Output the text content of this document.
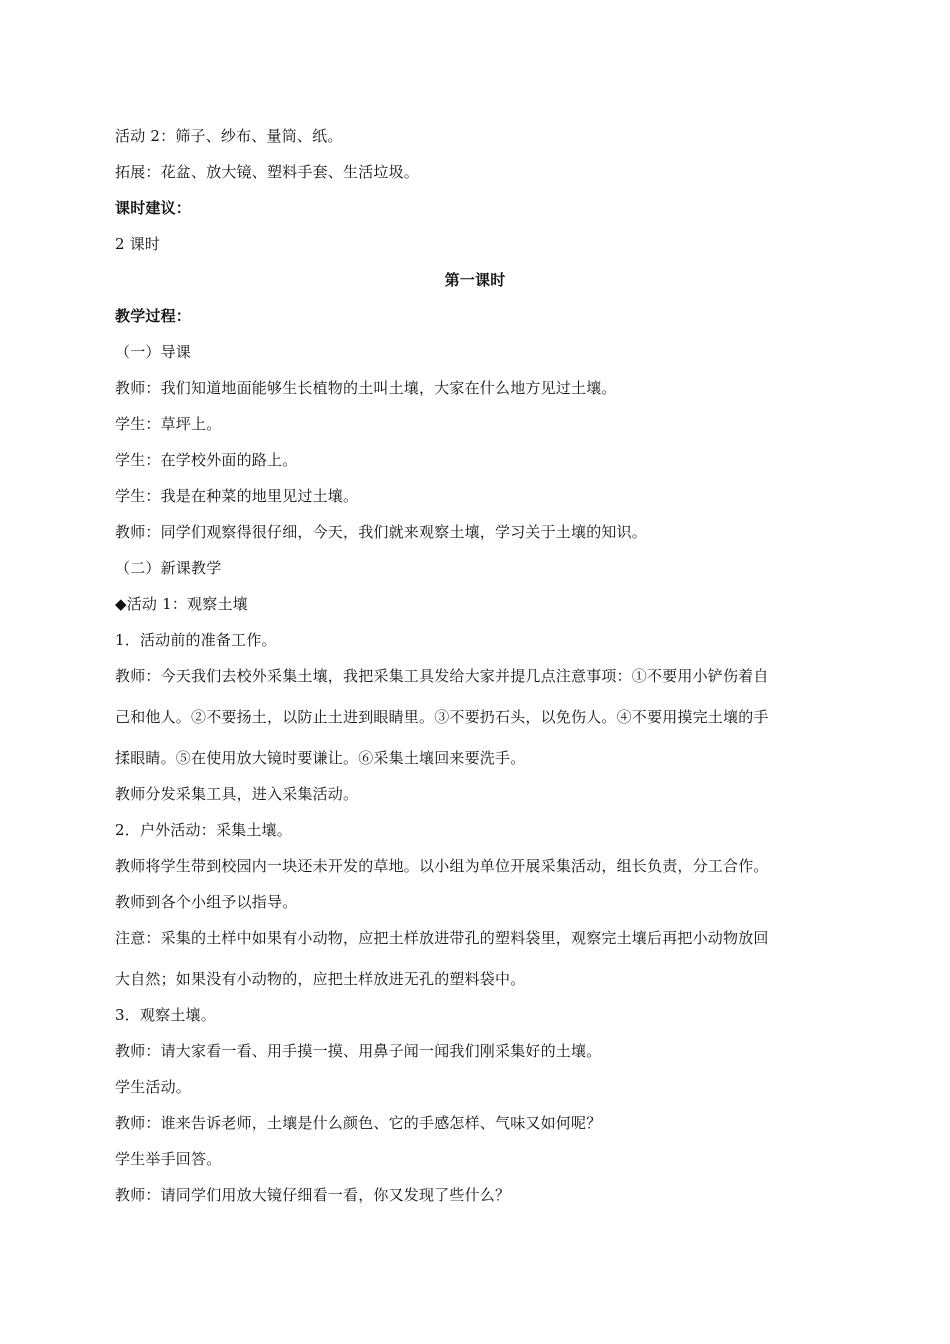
活动 2：筛子、纱布、量筒、纸。
拓展：花盆、放大镜、塑料手套、生活垃圾。
课时建议：
2 课时
第一课时
教学过程：
（一）导课
教师：我们知道地面能够生长植物的土叫土壤，大家在什么地方见过土壤。
学生：草坪上。
学生：在学校外面的路上。
学生：我是在种菜的地里见过土壤。
教师：同学们观察得很仔细，今天，我们就来观察土壤，学习关于土壤的知识。
（二）新课教学
◆活动 1：观察土壤
1．活动前的准备工作。
教师：今天我们去校外采集土壤，我把采集工具发给大家并提几点注意事项：①不要用小铲伤着自
己和他人。②不要扬土，以防止土进到眼睛里。③不要扔石头，以免伤人。④不要用摸完土壤的手
揉眼睛。⑤在使用放大镜时要谦让。⑥采集土壤回来要洗手。
教师分发采集工具，进入采集活动。
2．户外活动：采集土壤。
教师将学生带到校园内一块还未开发的草地。以小组为单位开展采集活动，组长负责，分工合作。
教师到各个小组予以指导。
注意：采集的土样中如果有小动物，应把土样放进带孔的塑料袋里，观察完土壤后再把小动物放回
大自然；如果没有小动物的，应把土样放进无孔的塑料袋中。
3．观察土壤。
教师：请大家看一看、用手摸一摸、用鼻子闻一闻我们刚采集好的土壤。
学生活动。
教师：谁来告诉老师，土壤是什么颜色、它的手感怎样、气味又如何呢？
学生举手回答。
教师：请同学们用放大镜仔细看一看，你又发现了些什么？
